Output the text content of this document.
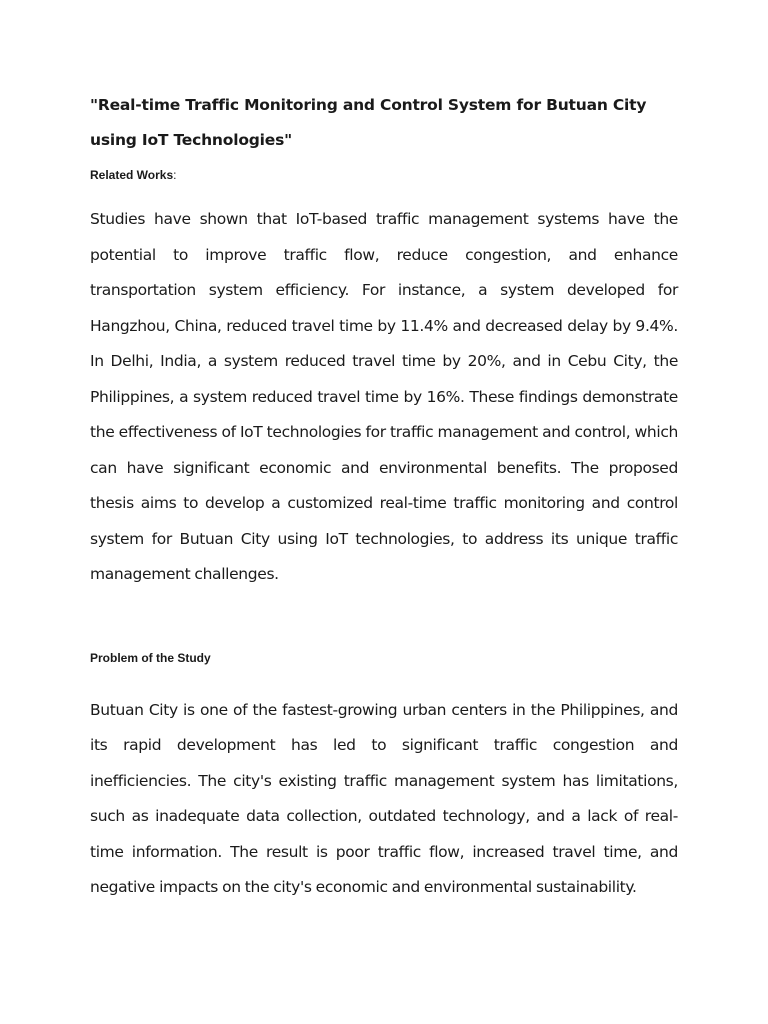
"Real-time Traffic Monitoring and Control System for Butuan City using IoT Technologies"
Related Works:

Studies have shown that IoT-based traffic management systems have the potential to improve traffic flow, reduce congestion, and enhance transportation system efficiency. For instance, a system developed for Hangzhou, China, reduced travel time by 11.4% and decreased delay by 9.4%. In Delhi, India, a system reduced travel time by 20%, and in Cebu City, the Philippines, a system reduced travel time by 16%. These findings demonstrate the effectiveness of IoT technologies for traffic management and control, which can have significant economic and environmental benefits. The proposed thesis aims to develop a customized real-time traffic monitoring and control system for Butuan City using IoT technologies, to address its unique traffic management challenges.

Problem of the Study

Butuan City is one of the fastest-growing urban centers in the Philippines, and its rapid development has led to significant traffic congestion and inefficiencies. The city's existing traffic management system has limitations, such as inadequate data collection, outdated technology, and a lack of real-time information. The result is poor traffic flow, increased travel time, and negative impacts on the city's economic and environmental sustainability.
